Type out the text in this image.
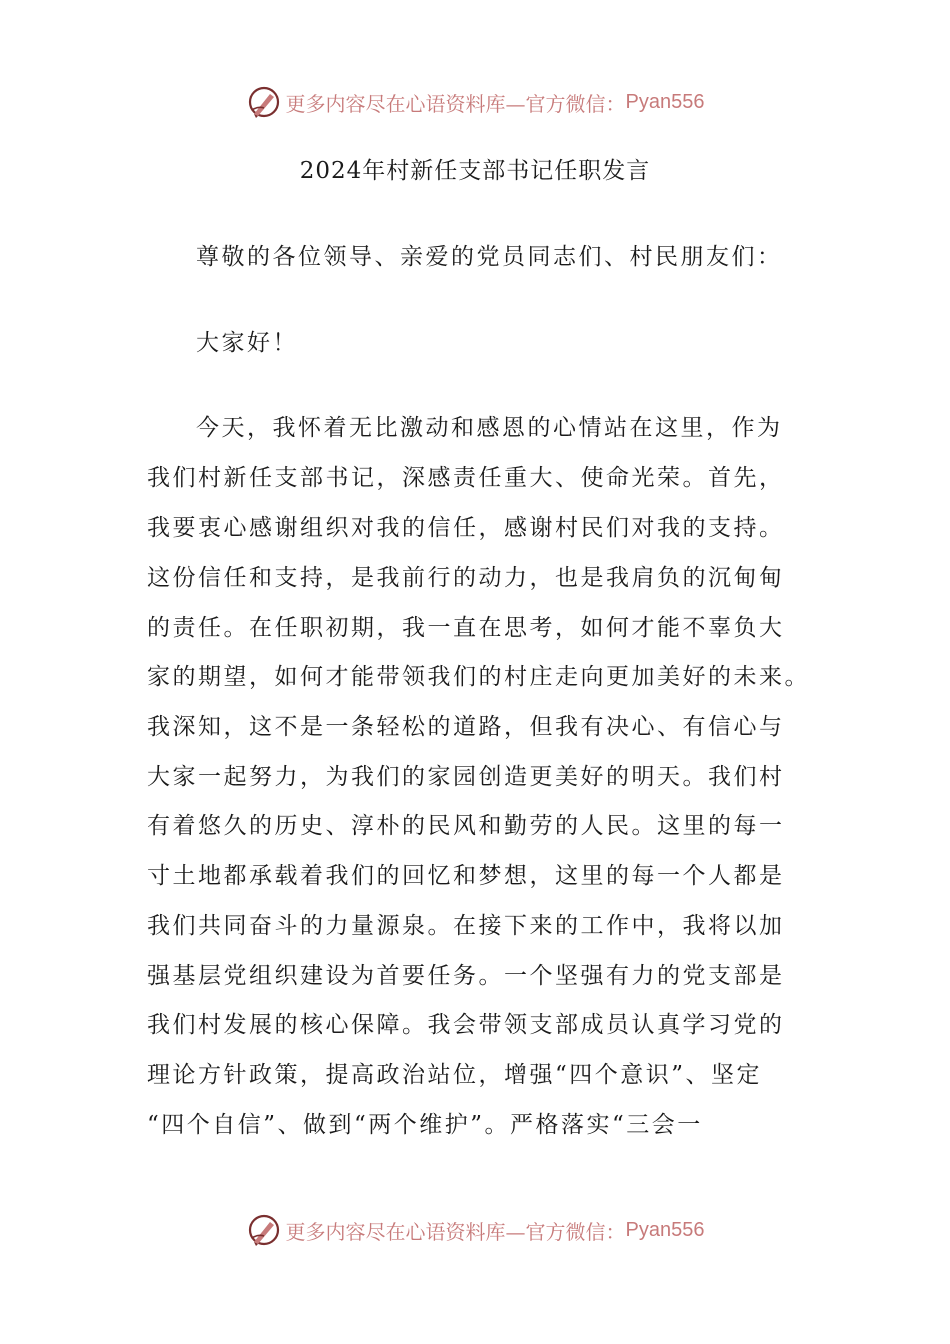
更多内容尽在心语资料库—官方微信： Pyan556
2024年村新任支部书记任职发言
尊敬的各位领导、亲爱的党员同志们、村民朋友们：
大家好！
今天，我怀着无比激动和感恩的心情站在这里，作为
我们村新任支部书记，深感责任重大、使命光荣。首先，
我要衷心感谢组织对我的信任，感谢村民们对我的支持。
这份信任和支持，是我前行的动力，也是我肩负的沉甸甸
的责任。在任职初期，我一直在思考，如何才能不辜负大
家的期望，如何才能带领我们的村庄走向更加美好的未来。
我深知，这不是一条轻松的道路，但我有决心、有信心与
大家一起努力，为我们的家园创造更美好的明天。我们村
有着悠久的历史、淳朴的民风和勤劳的人民。这里的每一
寸土地都承载着我们的回忆和梦想，这里的每一个人都是
我们共同奋斗的力量源泉。在接下来的工作中，我将以加
强基层党组织建设为首要任务。一个坚强有力的党支部是
我们村发展的核心保障。我会带领支部成员认真学习党的
理论方针政策，提高政治站位，增强“四个意识”、坚定
“四个自信”、做到“两个维护”。严格落实“三会一
更多内容尽在心语资料库—官方微信： Pyan556
